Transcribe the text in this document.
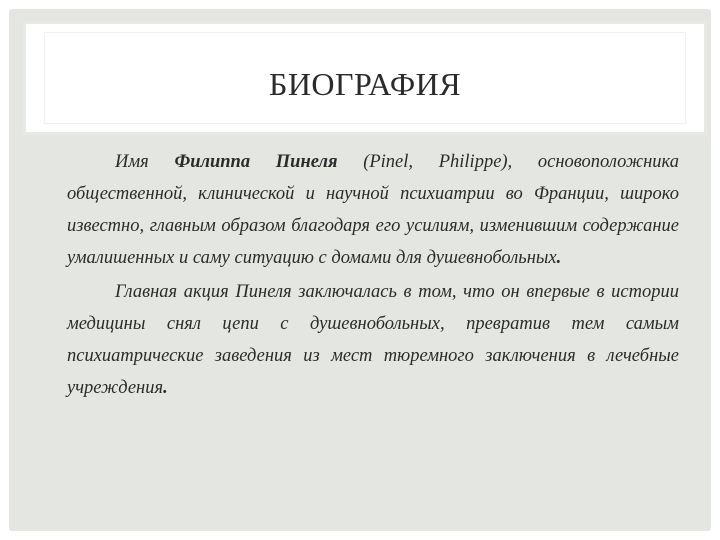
БИОГРАФИЯ

Имя Филиппа Пинеля (Pinel, Philippe), основоположника общественной, клинической и научной психиатрии во Франции, широко известно, главным образом благодаря его усилиям, изменившим содержание умалишенных и саму ситуацию с домами для душевнобольных.

Главная акция Пинеля заключалась в том, что он впервые в истории медицины снял цепи с душевнобольных, превратив тем самым психиатрические заведения из мест тюремного заключения в лечебные учреждения.
